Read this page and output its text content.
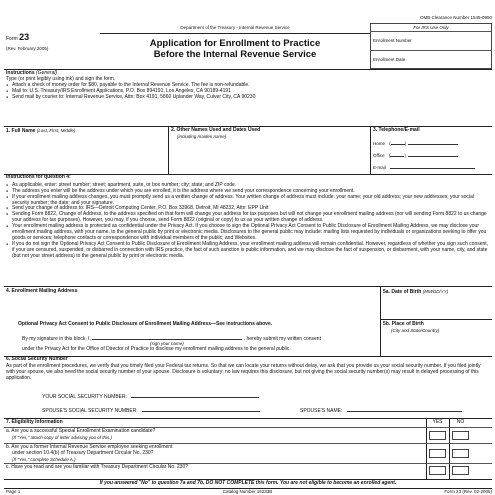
OMB Clearance Number 1545-0950
Department of the Treasury - Internal Revenue Service
Form 23
(Rev. February 2005)	Application for Enrollment to Practice
Before the Internal Revenue Service
For IRS Use Only
Enrollment Number
Enrollment Date
Instructions (General)
Type (or print legibly using ink) and sign the form.
● Attach a check of money order for $80, payable to the Internal Revenue Service. The fee is non-refundable.
● Mail to: U.S. Treasury/IRS Enrollment Applications, P.O. Box 894191, Los Angeles, CA 90189-4191
● Send mail by courier to: Internal Revenue Service, Attn: Box 4191, 5860 Uplander Way, Culver City, CA 90230
1. Full Name (Last, First, Middle)	2. Other Names Used and Dates Used
(including maiden name)
3. Telephone/E-mail
Home (	)
Office (	)
E-mail
Instructions for question 4:
● As applicable, enter: street number; street; apartment, suite, or box number; city; state; and ZIP code.
● The address you enter will be the address under which you are enrolled, it is the address where we send your correspondence concerning your enrollment.
● If your enrollment mailing address changes, you must promptly send us a written change of address. Your written change of address must include: your name; your old address; your new addresses; your social security number; the date; and your signature.
● Send your change of address to: IRS—Detroit Computing Center, P.O. Box 33968, Detroit, MI 48232, Attn: EPP Unit
● Sending Form 8822, Change of Address, to the address specified on that form will change your address for tax purposes but will not change your enrollment mailing address (nor will sending Form 8822 to us change your address for tax purposes). However, you may, if you choose, send Form 8822 (original or copy) to us as your written change of address.
● Your enrollment mailing address is protected as confidential under the Privacy Act. If you choose to sign the Optional Privacy Act Consent to Public Disclosure of Enrollment Mailing Address, we may disclose your enrollment mailing address, with your name, to the general public by print or electronic media. Disclosures to the general public may include: mailing lists requested by individuals or organizations seeking to offer you goods or services; telephone contacts or correspondence with individual members of the public; and Websites.
● If you do not sign the Optional Privacy Act Consent to Public Disclosure of Enrollment Mailing Address, your enrollment mailing address will remain confidential. However, regardless of whether you sign such consent, if your are censured, suspended, or disbarred in connection with IRS practice, the fact of such sanction is public information, and we may disclose the fact of suspension, or disbarment, with your name, city, and state (but not your street address) to the general public by print or electronic media.
4. Enrollment Mailing Address	5a. Date of Birth (MM/DD/YY)
5b. Place of Birth
(City and State/Country)
Optional Privacy Act Consent to Public Disclosure of Enrollment Mailing Address—See instructions above.
By my signature in this block, I,	, hereby submit my written consent
(sign your name)
under the Privacy Act for the Office of Director of Practice to disclose my enrollment mailing address to the general public.
6. Social Security Number
As part of the enrollment procedures, we verify that you timely filed your Federal tax returns. So that we can locate your returns without delay, we ask that you provide us your social security number. If you filed jointly with your spouse, we also need the social security number of your spouse. Disclosure is voluntary; no law requires this disclosure, but not giving the social security number(s) may result in delayed processing of this application.
YOUR SOCIAL SECURITY NUMBER:
SPOUSE'S SOCIAL SECURITY NUMBER:	SPOUSE'S NAME:
7. Eligibility Information	YES	NO
a. Are you a successful Special Enrollment Examination candidate?
(If "Yes," attach copy of letter advising you of this.)
b. Are you a former Internal Revenue Service employee seeking enrollment
under section 10.4(b) of Treasury Department Circular No. 230?
(If "Yes," complete Schedule A.)
c. Have you read and are you familiar with Treasury Department Circular No. 230?
If you answered "No" to question 7a and 7b, DO NOT COMPLETE this form. You are not eligible to become an enrolled agent.
Page 1	Catalog Number 16233B	Form 23 (Rev. 02-2005)
